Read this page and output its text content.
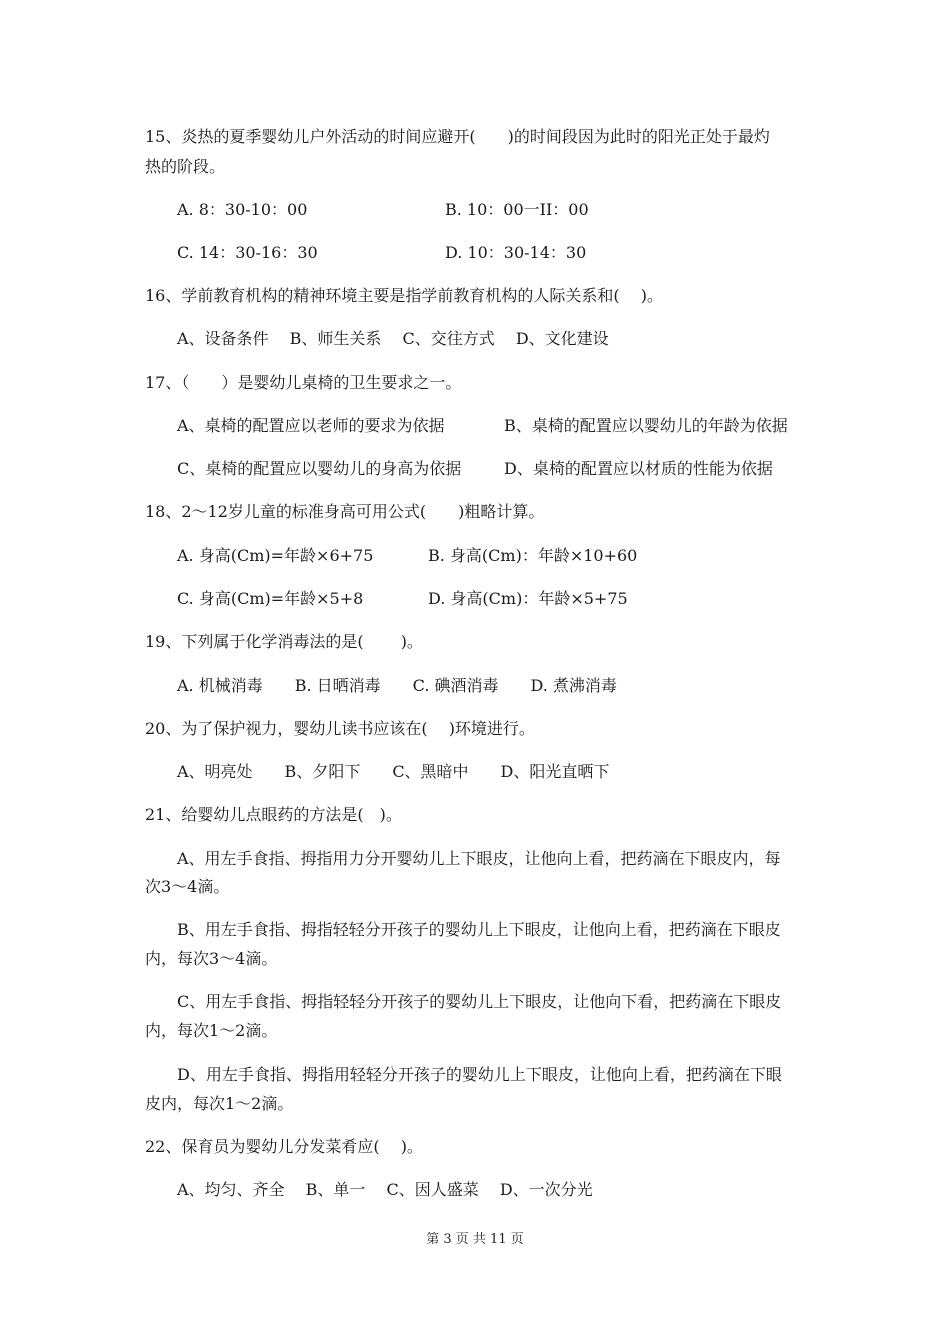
15、炎热的夏季婴幼儿户外活动的时间应避开(　　)的时间段因为此时的阳光正处于最灼
热的阶段。
A. 8：30-10：00	B. 10：00一II：00
C. 14：30-16：30	D. 10：30-14：30
16、学前教育机构的精神环境主要是指学前教育机构的人际关系和(　 )。
A、设备条件　 B、师生关系　 C、交往方式　 D、文化建设
17、（　　）是婴幼儿桌椅的卫生要求之一。
A、桌椅的配置应以老师的要求为依据	B、桌椅的配置应以婴幼儿的年龄为依据
C、桌椅的配置应以婴幼儿的身高为依据	D、桌椅的配置应以材质的性能为依据
18、2～12岁儿童的标准身高可用公式(　　)粗略计算。
A. 身高(Cm)=年龄×6+75	B. 身高(Cm)：年龄×10+60
C. 身高(Cm)=年龄×5+8	D. 身高(Cm)：年龄×5+75
19、下列属于化学消毒法的是(　　 )。
A. 机械消毒　　B. 日晒消毒　　C. 碘酒消毒　　D. 煮沸消毒
20、为了保护视力，婴幼儿读书应该在(　 )环境进行。
A、明亮处　　B、夕阳下　　C、黑暗中　　D、阳光直晒下
21、给婴幼儿点眼药的方法是(　)。
A、用左手食指、拇指用力分开婴幼儿上下眼皮，让他向上看，把药滴在下眼皮内，每
次3～4滴。
B、用左手食指、拇指轻轻分开孩子的婴幼儿上下眼皮，让他向上看，把药滴在下眼皮
内，每次3～4滴。
C、用左手食指、拇指轻轻分开孩子的婴幼儿上下眼皮，让他向下看，把药滴在下眼皮
内，每次1～2滴。
D、用左手食指、拇指用轻轻分开孩子的婴幼儿上下眼皮，让他向上看，把药滴在下眼
皮内，每次1～2滴。
22、保育员为婴幼儿分发菜肴应(　 )。
A、均匀、齐全　 B、单一　 C、因人盛菜　 D、一次分光
第 3 页 共 11 页
